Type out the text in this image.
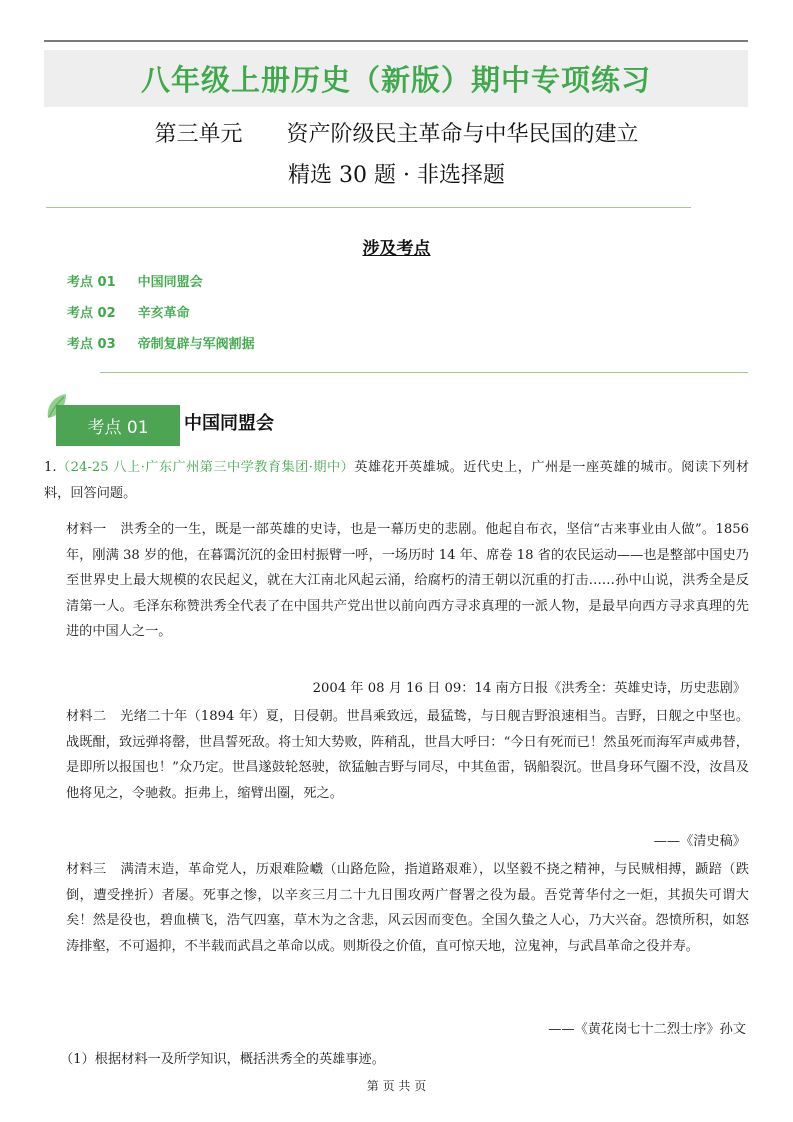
八年级上册历史（新版）期中专项练习
第三单元　　资产阶级民主革命与中华民国的建立
精选 30 题 · 非选择题
涉及考点
考点 01 中国同盟会
考点 02 辛亥革命
考点 03 帝制复辟与军阀割据
考点 01	中国同盟会
1.（24-25 八上·广东广州第三中学教育集团·期中）英雄花开英雄城。近代史上，广州是一座英雄的城市。阅读下列材料，回答问题。
材料一 洪秀全的一生，既是一部英雄的史诗，也是一幕历史的悲剧。他起自布衣，坚信“古来事业由人做”。1856 年，刚满 38 岁的他，在暮霭沉沉的金田村振臂一呼，一场历时 14 年、席卷 18 省的农民运动——也是整部中国史乃至世界史上最大规模的农民起义，就在大江南北风起云涌，给腐朽的清王朝以沉重的打击……孙中山说，洪秀全是反清第一人。毛泽东称赞洪秀全代表了在中国共产党出世以前向西方寻求真理的一派人物，是最早向西方寻求真理的先进的中国人之一。
2004 年 08 月 16 日 09：14 南方日报《洪秀全：英雄史诗，历史悲剧》
材料二 光绪二十年（1894 年）夏，日侵朝。世昌乘致远，最猛鸷，与日舰吉野浪速相当。吉野，日舰之中坚也。战既酣，致远弹将罄，世昌誓死敌。将士知大势败，阵稍乱，世昌大呼曰：“今日有死而已！然虽死而海军声威弗替，是即所以报国也！”众乃定。世昌遂鼓轮怒驶，欲猛触吉野与同尽，中其鱼雷，锅船裂沉。世昌身环气圈不没，汝昌及他将见之，令驰救。拒弗上，缩臂出圈，死之。
——《清史稿》
材料三 满清末造，革命党人，历艰难险巇（山路危险，指道路艰难），以坚毅不挠之精神，与民贼相搏，踬踣（跌倒，遭受挫折）者屡。死事之惨，以辛亥三月二十九日围攻两广督署之役为最。吾党菁华付之一炬，其损失可谓大矣！然是役也，碧血横飞，浩气四塞，草木为之含悲，风云因而变色。全国久蛰之人心，乃大兴奋。怨愤所积，如怒涛排壑，不可遏抑，不半载而武昌之革命以成。则斯役之价值，直可惊天地，泣鬼神，与武昌革命之役并寿。
——《黄花岗七十二烈士序》孙文
（1）根据材料一及所学知识，概括洪秀全的英雄事迹。
第 页 共 页
